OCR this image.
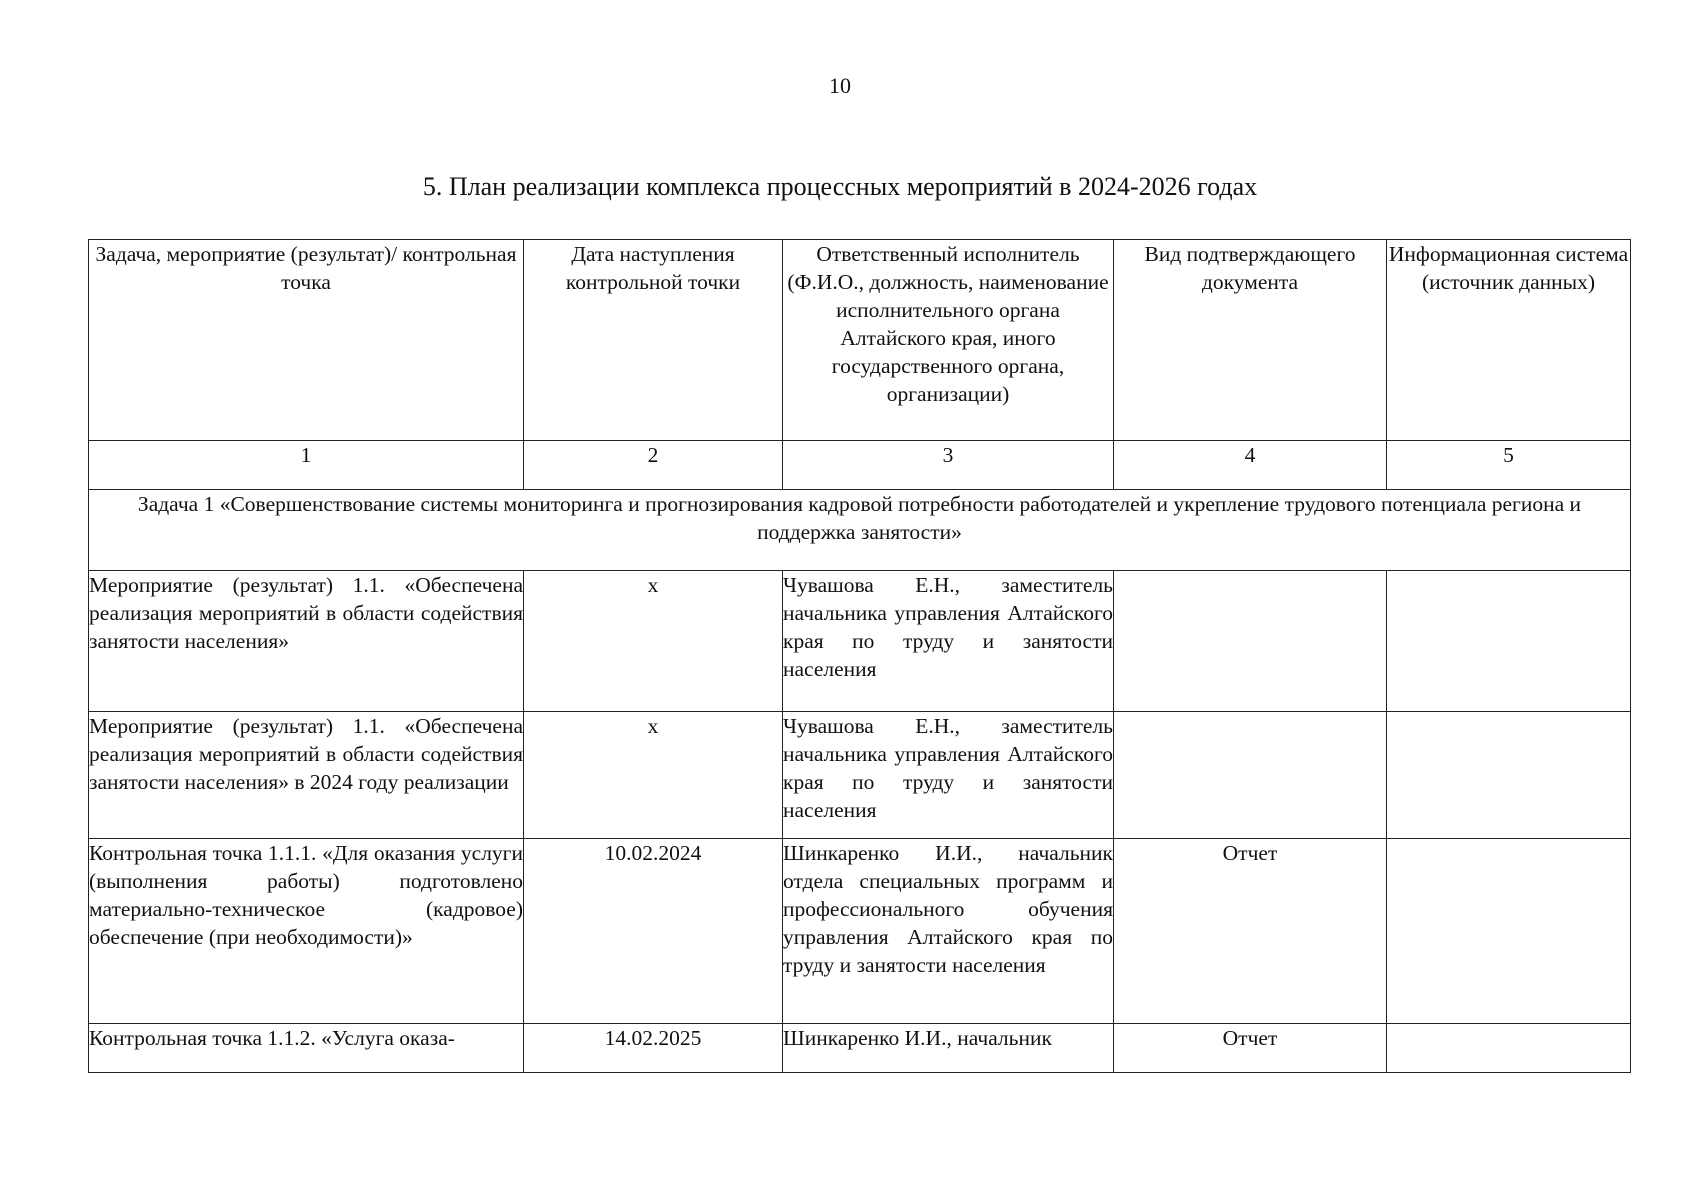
10
5. План реализации комплекса процессных мероприятий в 2024-2026 годах
Задача, мероприятие (результат)/ контрольная точка	Дата наступления контрольной точки	Ответственный исполнитель (Ф.И.О., должность, наименование исполнительного органа Алтайского края, иного государственного органа, организации)	Вид подтверждающего документа	Информационная система (источник данных)
1	2	3	4	5
Задача 1 «Совершенствование системы мониторинга и прогнозирования кадровой потребности работодателей и укрепление трудового потенциала региона и поддержка занятости»				
Мероприятие (результат) 1.1. «Обеспечена реализация мероприятий в области содействия занятости населения»	х	Чувашова Е.Н., заместитель начальника управления Алтайского края по труду и занятости населения		
Мероприятие (результат) 1.1. «Обеспечена реализация мероприятий в области содействия занятости населения» в 2024 году реализации	х	Чувашова Е.Н., заместитель начальника управления Алтайского края по труду и занятости населения		
Контрольная точка 1.1.1. «Для оказания услуги (выполнения работы) подготовлено материально-техническое (кадровое) обеспечение (при необходимости)»	10.02.2024	Шинкаренко И.И., начальник отдела специальных программ и профессионального обучения управления Алтайского края по труду и занятости населения	Отчет	
Контрольная точка 1.1.2. «Услуга оказа-	14.02.2025	Шинкаренко И.И., начальник	Отчет	
